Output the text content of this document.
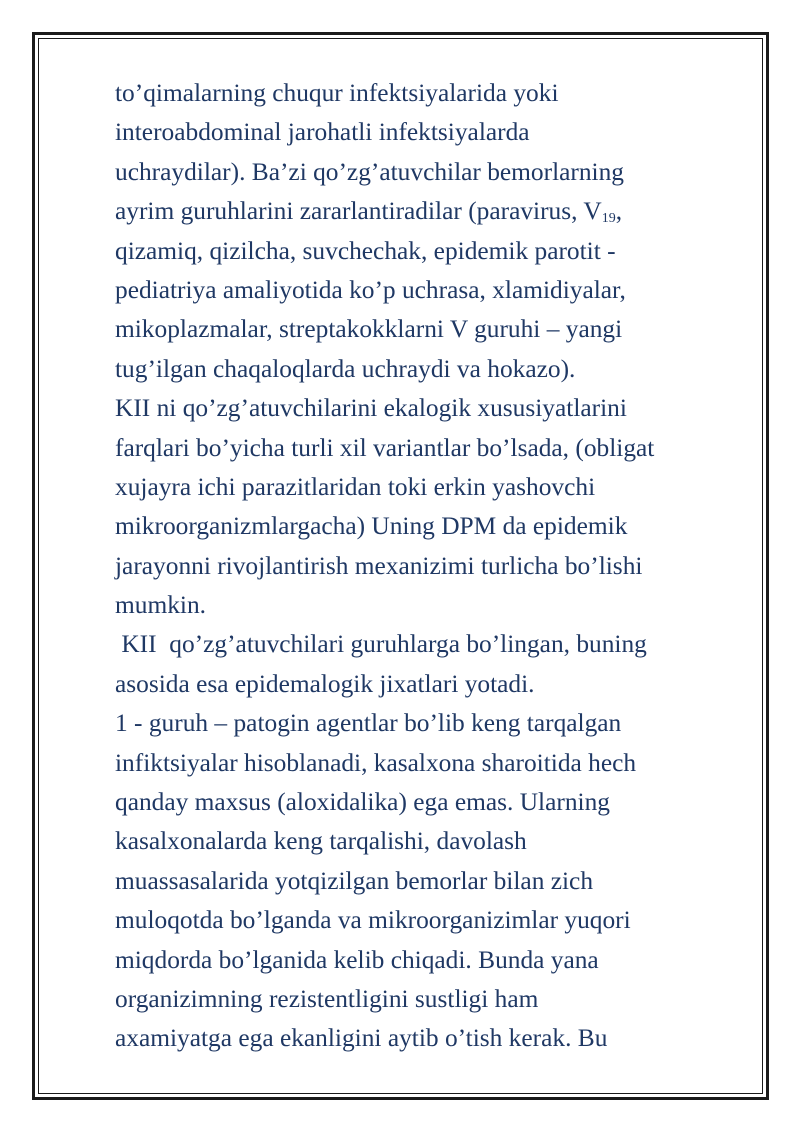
to’qimalarning chuqur infektsiyalarida yoki
interoabdominal jarohatli infektsiyalarda
uchraydilar). Ba’zi qo’zg’atuvchilar bemorlarning
ayrim guruhlarini zararlantiradilar (paravirus, $V_{19}$,
qizamiq, qizilcha, suvchechak, epidemik parotit -
pediatriya amaliyotida ko’p uchrasa, xlamidiyalar,
mikoplazmalar, streptakokklarni V guruhi – yangi
tug’ilgan chaqaloqlarda uchraydi va hokazo).
KII ni qo’zg’atuvchilarini ekalogik xususiyatlarini
farqlari bo’yicha turli xil variantlar bo’lsada, (obligat
xujayra ichi parazitlaridan toki erkin yashovchi
mikroorganizmlargacha) Uning DPM da epidemik
jarayonni rivojlantirish mexanizimi turlicha bo’lishi
mumkin.
KII  qo’zg’atuvchilari guruhlarga bo’lingan, buning
asosida esa epidemalogik jixatlari yotadi.
1 - guruh – patogin agentlar bo’lib keng tarqalgan
infiktsiyalar hisoblanadi, kasalxona sharoitida hech
qanday maxsus (aloxidalika) ega emas. Ularning
kasalxonalarda keng tarqalishi, davolash
muassasalarida yotqizilgan bemorlar bilan zich
muloqotda bo’lganda va mikroorganizimlar yuqori
miqdorda bo’lganida kelib chiqadi. Bunda yana
organizimning rezistentligini sustligi ham
axamiyatga ega ekanligini aytib o’tish kerak. Bu
